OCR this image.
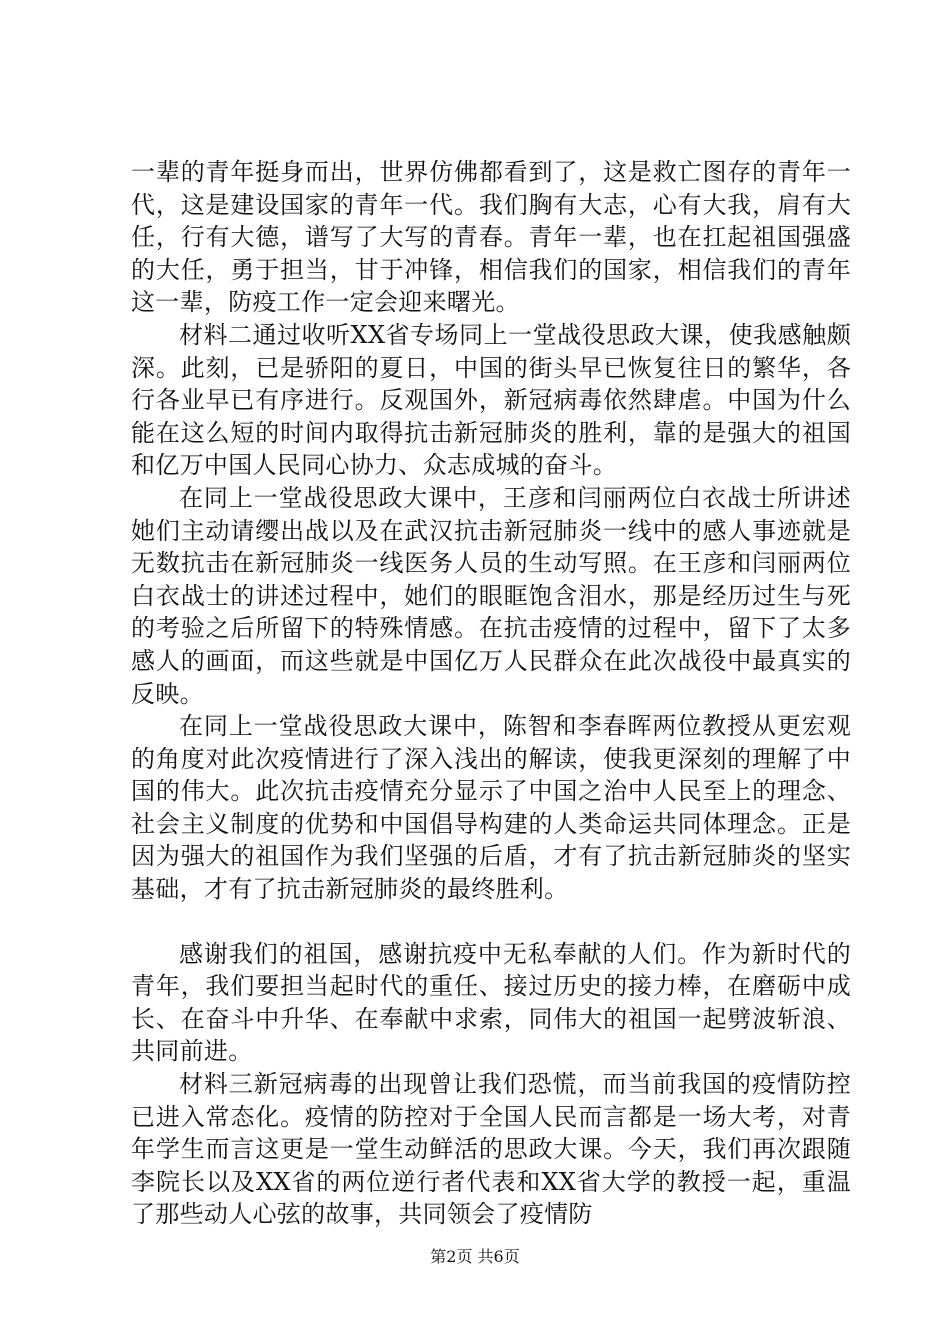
一辈的青年挺身而出，世界仿佛都看到了，这是救亡图存的青年一代，这是建设国家的青年一代。我们胸有大志，心有大我，肩有大任，行有大德，谱写了大写的青春。青年一辈，也在扛起祖国强盛的大任，勇于担当，甘于冲锋，相信我们的国家，相信我们的青年这一辈，防疫工作一定会迎来曙光。

材料二通过收听XX省专场同上一堂战役思政大课，使我感触颇深。此刻，已是骄阳的夏日，中国的街头早已恢复往日的繁华，各行各业早已有序进行。反观国外，新冠病毒依然肆虐。中国为什么能在这么短的时间内取得抗击新冠肺炎的胜利，靠的是强大的祖国和亿万中国人民同心协力、众志成城的奋斗。

在同上一堂战役思政大课中，王彦和闫丽两位白衣战士所讲述她们主动请缨出战以及在武汉抗击新冠肺炎一线中的感人事迹就是无数抗击在新冠肺炎一线医务人员的生动写照。在王彦和闫丽两位白衣战士的讲述过程中，她们的眼眶饱含泪水，那是经历过生与死的考验之后所留下的特殊情感。在抗击疫情的过程中，留下了太多感人的画面，而这些就是中国亿万人民群众在此次战役中最真实的反映。

在同上一堂战役思政大课中，陈智和李春晖两位教授从更宏观的角度对此次疫情进行了深入浅出的解读，使我更深刻的理解了中国的伟大。此次抗击疫情充分显示了中国之治中人民至上的理念、社会主义制度的优势和中国倡导构建的人类命运共同体理念。正是因为强大的祖国作为我们坚强的后盾，才有了抗击新冠肺炎的坚实基础，才有了抗击新冠肺炎的最终胜利。

感谢我们的祖国，感谢抗疫中无私奉献的人们。作为新时代的青年，我们要担当起时代的重任、接过历史的接力棒，在磨砺中成长、在奋斗中升华、在奉献中求索，同伟大的祖国一起劈波斩浪、共同前进。

材料三新冠病毒的出现曾让我们恐慌，而当前我国的疫情防控已进入常态化。疫情的防控对于全国人民而言都是一场大考，对青年学生而言这更是一堂生动鲜活的思政大课。今天，我们再次跟随李院长以及XX省的两位逆行者代表和XX省大学的教授一起，重温了那些动人心弦的故事，共同领会了疫情防

第2页 共6页
